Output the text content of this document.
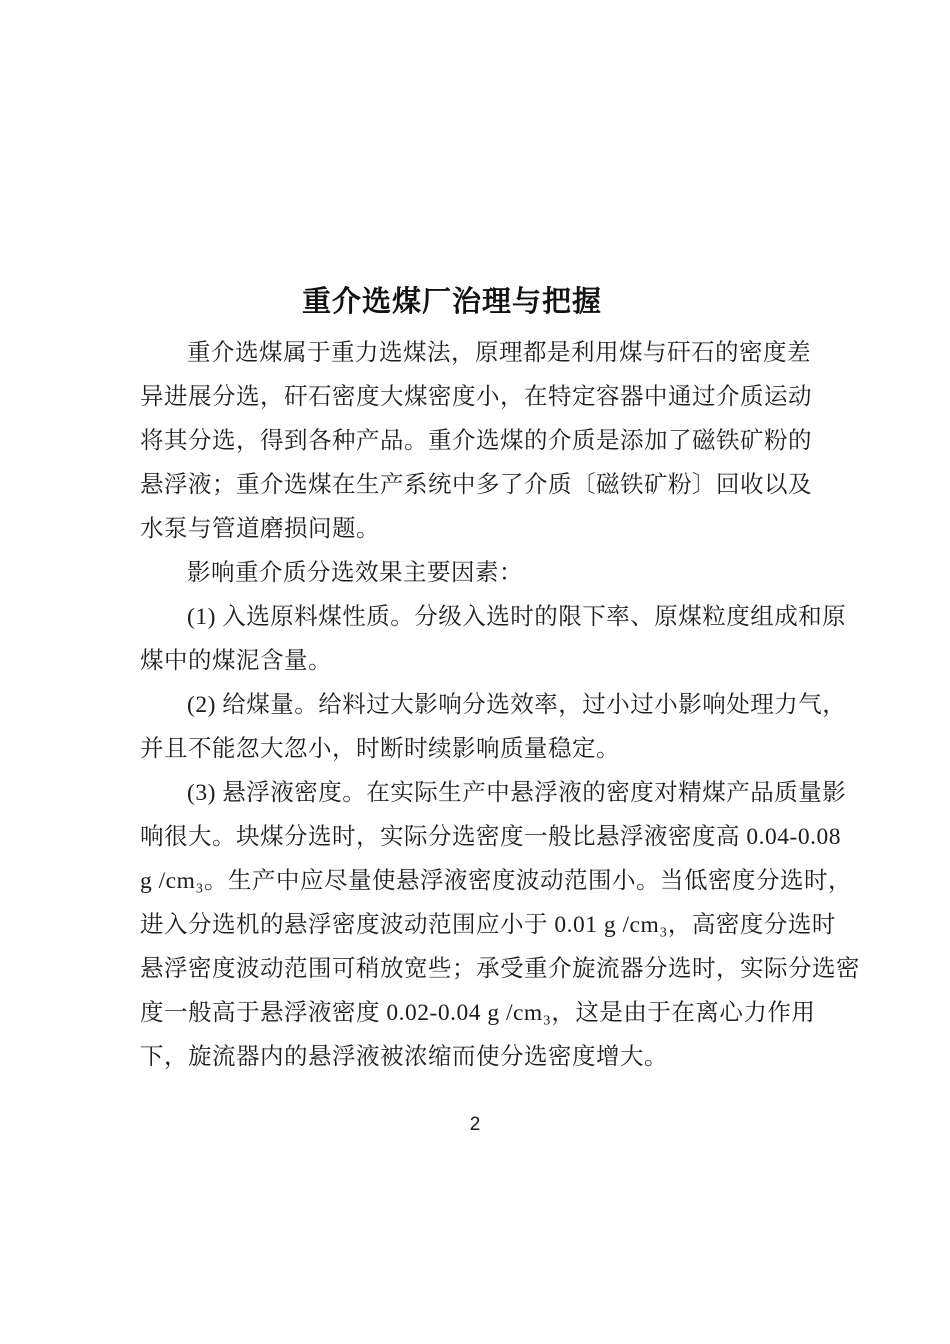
重介选煤厂治理与把握
重介选煤属于重力选煤法，原理都是利用煤与矸石的密度差
异进展分选，矸石密度大煤密度小，在特定容器中通过介质运动
将其分选，得到各种产品。重介选煤的介质是添加了磁铁矿粉的
悬浮液；重介选煤在生产系统中多了介质〔磁铁矿粉〕回收以及
水泵与管道磨损问题。
影响重介质分选效果主要因素：
(1) 入选原料煤性质。分级入选时的限下率、原煤粒度组成和原
煤中的煤泥含量。
(2) 给煤量。给料过大影响分选效率，过小过小影响处理力气，
并且不能忽大忽小，时断时续影响质量稳定。
(3) 悬浮液密度。在实际生产中悬浮液的密度对精煤产品质量影
响很大。块煤分选时，实际分选密度一般比悬浮液密度高 0.04-0.08
g /cm₃。生产中应尽量使悬浮液密度波动范围小。当低密度分选时，
进入分选机的悬浮密度波动范围应小于 0.01 g /cm₃，高密度分选时
悬浮密度波动范围可稍放宽些；承受重介旋流器分选时，实际分选密
度一般高于悬浮液密度 0.02-0.04 g /cm₃，这是由于在离心力作用
下，旋流器内的悬浮液被浓缩而使分选密度增大。
2
